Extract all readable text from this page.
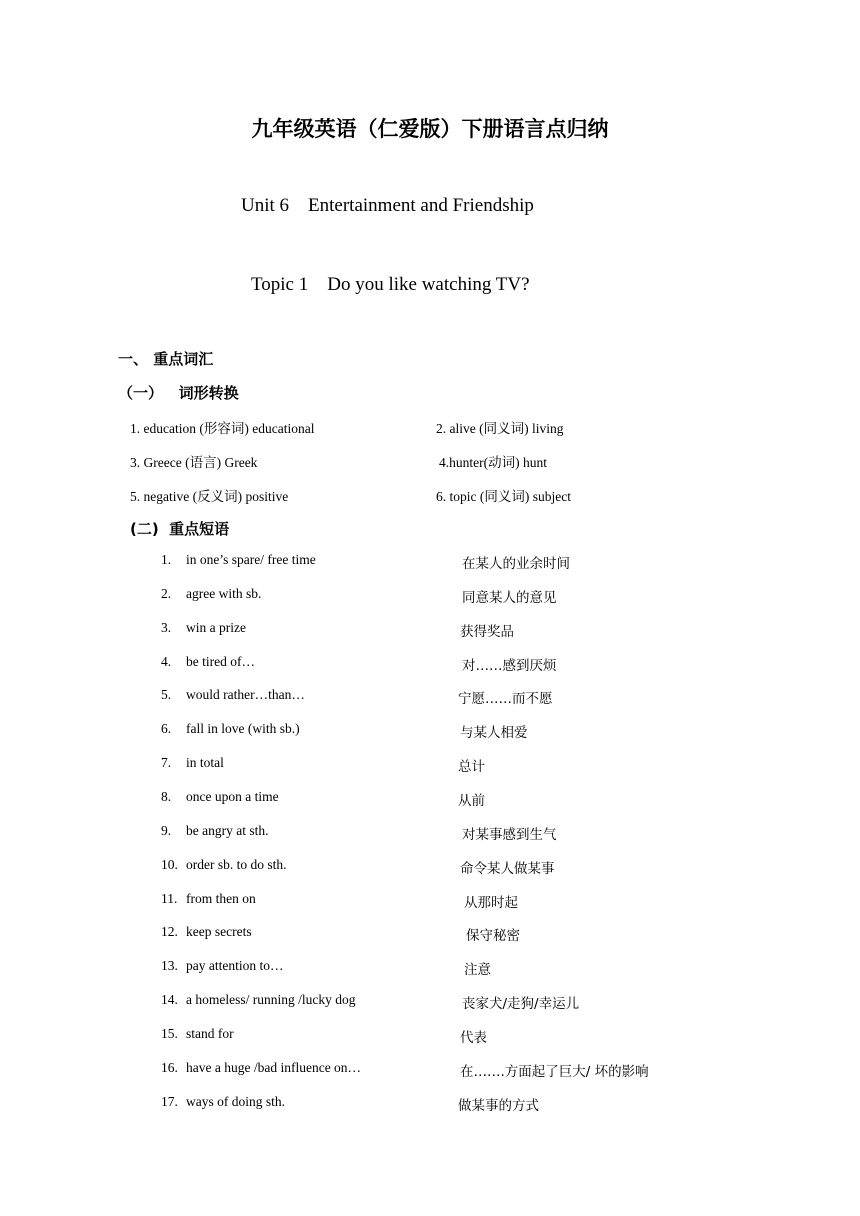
九年级英语（仁爱版）下册语言点归纳
Unit 6    Entertainment and Friendship
Topic 1    Do you like watching TV?
一、 重点词汇
（一）   词形转换
1. education (形容词) educational	2. alive (同义词) living
3. Greece (语言) Greek	4.hunter(动词) hunt
5. negative (反义词) positive	6. topic (同义词) subject
(二)  重点短语
1. in one’s spare/ free time	在某人的业余时间
2. agree with sb.	同意某人的意见
3. win a prize	获得奖品
4. be tired of…	对……感到厌烦
5. would rather…than…	宁愿……而不愿
6. fall in love (with sb.)	与某人相爱
7. in total	总计
8. once upon a time	从前
9. be angry at sth.	对某事感到生气
10. order sb. to do sth.	命令某人做某事
11. from then on	从那时起
12. keep secrets	保守秘密
13. pay attention to…	注意
14. a homeless/ running /lucky dog	丧家犬/走狗/幸运儿
15. stand for	代表
16. have a huge /bad influence on…	在…….方面起了巨大/ 坏的影响
17. ways of doing sth.	做某事的方式
